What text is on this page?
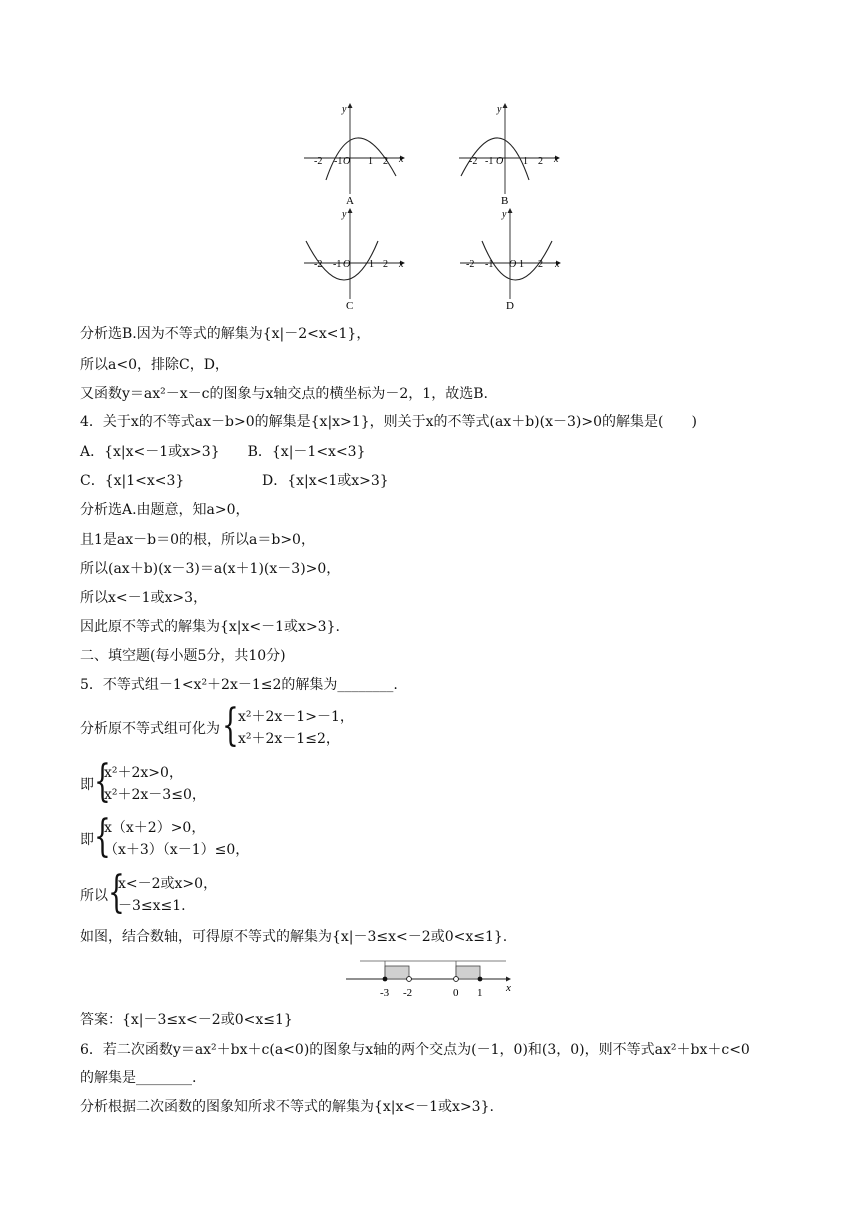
y
x
-2 -1 O 1 2
A
y
x
-2 -1 O 1 2
B
y
x
-2 -1 O 1 2
C
y
x
-2 -1 O 1 2
D
分析选B.因为不等式的解集为{x|－2<x<1}，
所以a<0，排除C，D，
又函数y＝ax²－x－c的图象与x轴交点的横坐标为－2，1，故选B.
4．关于x的不等式ax－b>0的解集是{x|x>1}，则关于x的不等式(ax＋b)(x－3)>0的解集是(　　)
A．{x|x<－1或x>3}　　B．{x|－1<x<3}
C．{x|1<x<3}	D．{x|x<1或x>3}
分析选A.由题意，知a>0，
且1是ax－b＝0的根，所以a＝b>0，
所以(ax＋b)(x－3)＝a(x＋1)(x－3)>0，
所以x<－1或x>3，
因此原不等式的解集为{x|x<－1或x>3}.
二、填空题(每小题5分，共10分)
5．不等式组－1<x²＋2x－1≤2的解集为________.
分析原不等式组可化为 { x²＋2x－1>－1，
x²＋2x－1≤2，
即 {
x²＋2x>0，
x²＋2x－3≤0，
即 {
x（x＋2）>0，
（x＋3）（x－1）≤0，
所以 {
x<－2或x>0，
－3≤x≤1.
如图，结合数轴，可得原不等式的解集为{x|－3≤x<－2或0<x≤1}.
-3 -2	0 1 x
答案：{x|－3≤x<－2或0<x≤1}
6．若二次函数y＝ax²＋bx＋c(a<0)的图象与x轴的两个交点为(－1，0)和(3，0)，则不等式ax²＋bx＋c<0
的解集是________.
分析根据二次函数的图象知所求不等式的解集为{x|x<－1或x>3}.
